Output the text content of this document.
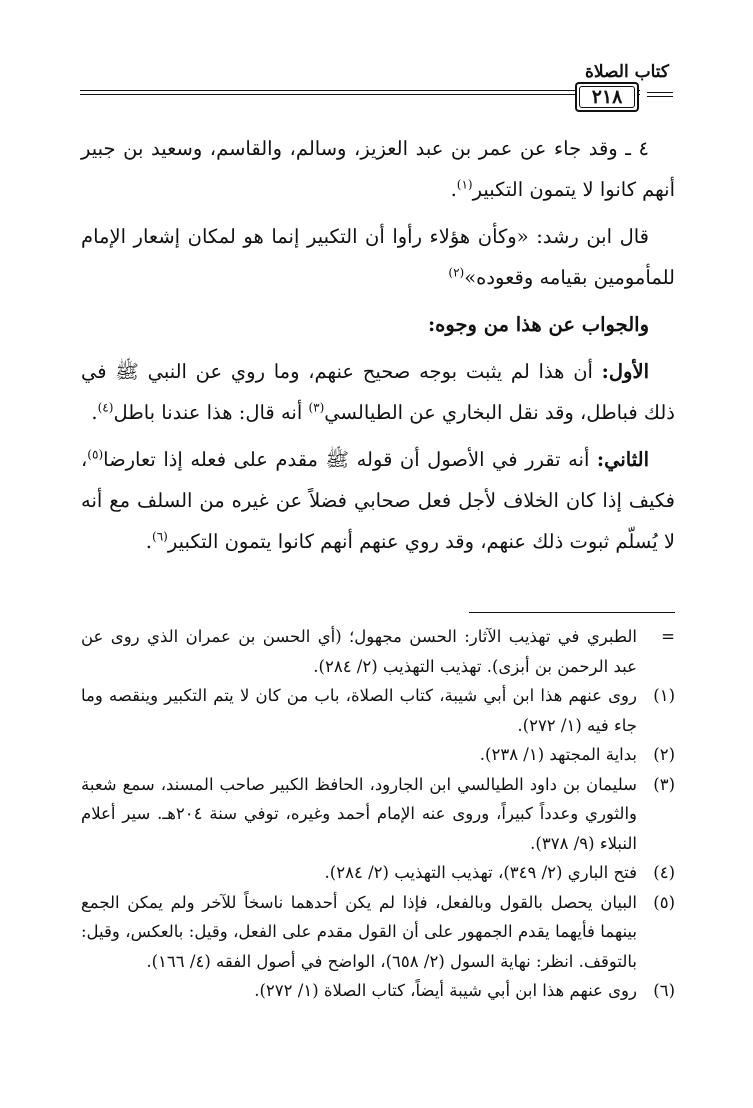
كتاب الصلاة
٢١٨

٤ ـ وقد جاء عن عمر بن عبد العزيز، وسالم، والقاسم، وسعيد بن جبير أنهم كانوا لا يتمون التكبير$^{(١)}$.

قال ابن رشد: «وكأن هؤلاء رأوا أن التكبير إنما هو لمكان إشعار الإمام للمأمومين بقيامه وقعوده»$^{(٢)}$

والجواب عن هذا من وجوه:

الأول: أن هذا لم يثبت بوجه صحيح عنهم، وما روي عن النبي ﷺ في ذلك فباطل، وقد نقل البخاري عن الطيالسي$^{(٣)}$ أنه قال: هذا عندنا باطل$^{(٤)}$.

الثاني: أنه تقرر في الأصول أن قوله ﷺ مقدم على فعله إذا تعارضا$^{(٥)}$، فكيف إذا كان الخلاف لأجل فعل صحابي فضلاً عن غيره من السلف مع أنه لا يُسلّم ثبوت ذلك عنهم، وقد روي عنهم أنهم كانوا يتمون التكبير$^{(٦)}$.

=
الطبري في تهذيب الآثار: الحسن مجهول؛ (أي الحسن بن عمران الذي روى عن عبد الرحمن بن أبزى). تهذيب التهذيب (٢/ ٢٨٤).
(١)
روى عنهم هذا ابن أبي شيبة، كتاب الصلاة، باب من كان لا يتم التكبير وينقصه وما جاء فيه (١/ ٢٧٢).
(٢)
بداية المجتهد (١/ ٢٣٨).
(٣)
سليمان بن داود الطيالسي ابن الجارود، الحافظ الكبير صاحب المسند، سمع شعبة والثوري وعدداً كبيراً، وروى عنه الإمام أحمد وغيره، توفي سنة ٢٠٤هـ. سير أعلام النبلاء (٩/ ٣٧٨).
(٤)
فتح الباري (٢/ ٣٤٩)، تهذيب التهذيب (٢/ ٢٨٤).
(٥)
البيان يحصل بالقول وبالفعل، فإذا لم يكن أحدهما ناسخاً للآخر ولم يمكن الجمع بينهما فأيهما يقدم الجمهور على أن القول مقدم على الفعل، وقيل: بالعكس، وقيل: بالتوقف. انظر: نهاية السول (٢/ ٦٥٨)، الواضح في أصول الفقه (٤/ ١٦٦).
(٦)
روى عنهم هذا ابن أبي شيبة أيضاً، كتاب الصلاة (١/ ٢٧٢).
